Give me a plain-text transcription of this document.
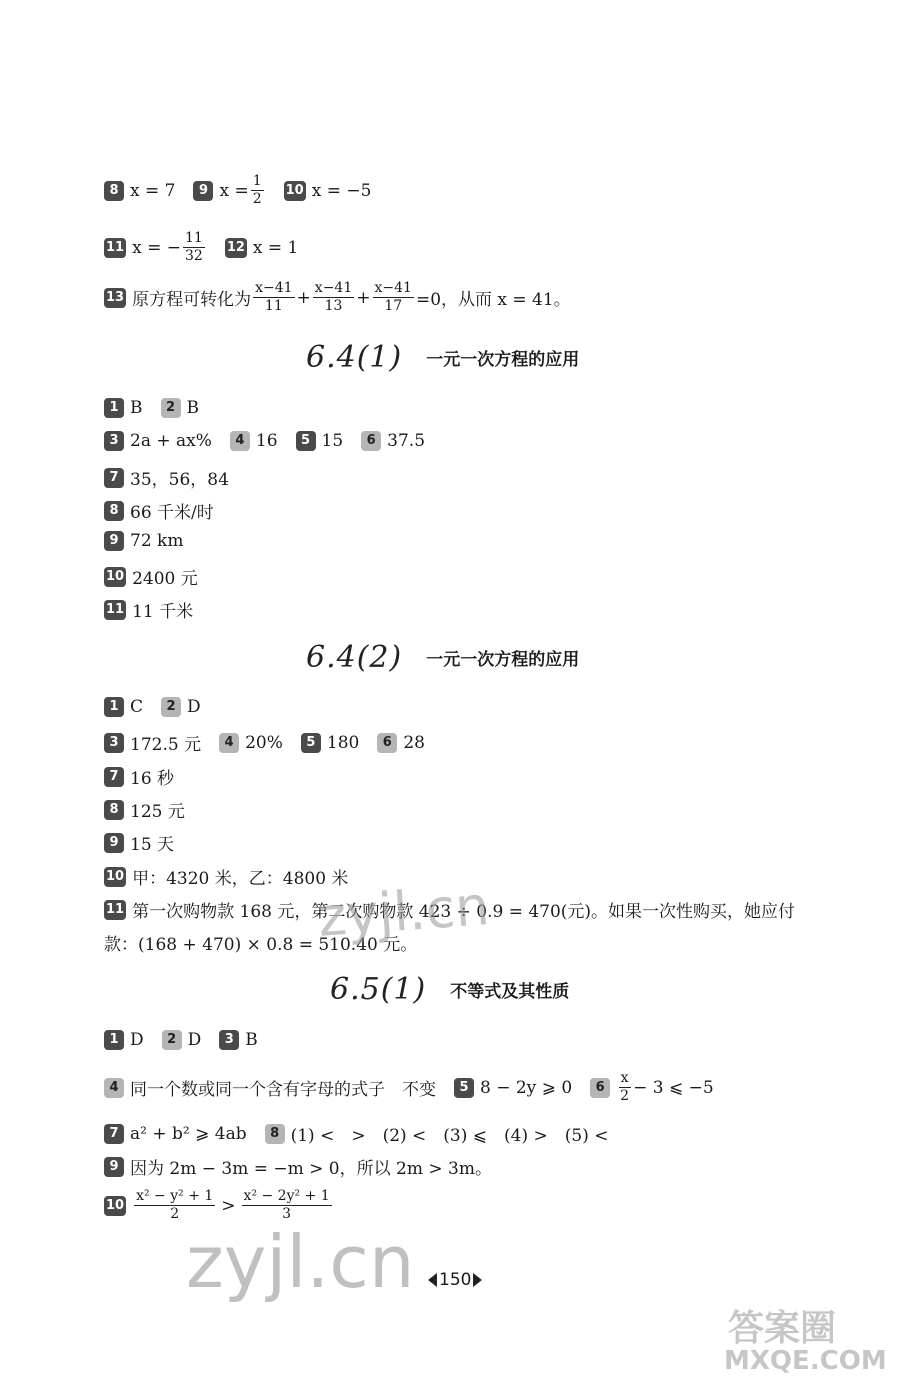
8 x = 7	9 $x = \frac{1}{2} 10$ x = −5
11 x = − $\frac{11}{32} 12$ x = 1
13 原方程可转化为 $\frac{x-41}{11} + \frac{x-41}{13} + \frac{x-41}{17} =0$，从而 x = 41。
6.4(1) 一元一次方程的应用
1 B	2 B
3 2a + ax%	4 16	5 15	6 37.5
7 35，56，84
8 66 千米/时
9 72 km
10 2400 元
11 11 千米
6.4(2) 一元一次方程的应用
1 C	2 D
3 172.5 元	4 20%	5 180	6 28
7 16 秒
8 125 元
9 15 天
10 甲：4320 米，乙：4800 米
11 第一次购物款 168 元，第二次购物款 423 ÷ 0.9 = 470(元)。如果一次性购买，她应付
款：(168 + 470) × 0.8 = 510.40 元。
6.5(1) 不等式及其性质
1 D	2 D	3 B
4 同一个数或同一个含有字母的式子　不变	5 8 − 2y ⩾ 0	$6 \frac{x}{2} - 3$ ⩽ −5
7 a² + b² ⩾ 4ab	8 (1) <　>　(2) <　(3) ⩽　(4) >　(5) <
9 因为 2m − 3m = −m > 0，所以 2m > 3m。
$10 \frac{\text{x² − y² + 1}}{2} > \frac{\text{x² − 2y² + 1}}{3}$
zyjl.cn
zyjl.cn
答案圈
MXQE.COM
150
